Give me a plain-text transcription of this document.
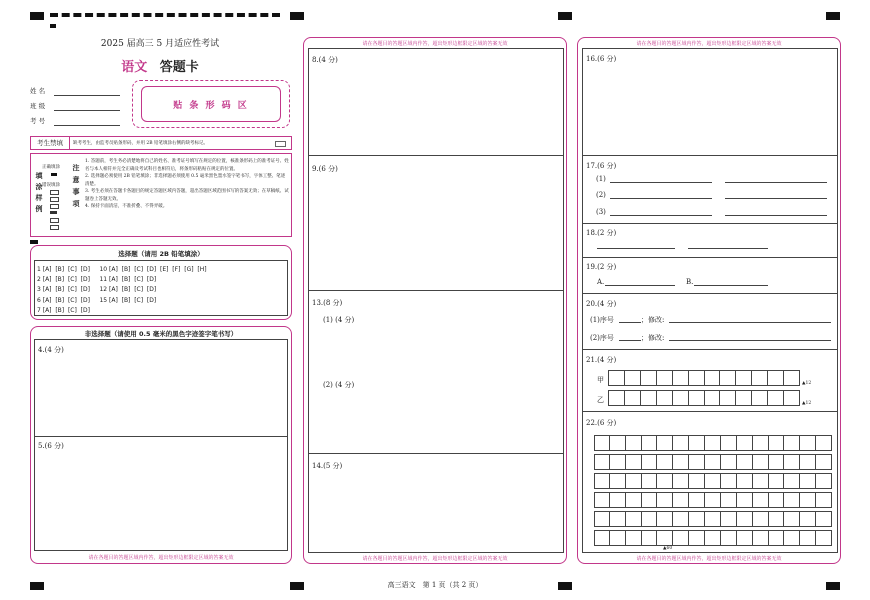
2025 届高三 5 月适应性考试
语文 答题卡
姓 名
班 级
考 号
贴 条 形 码 区
考生禁填	缺考考生，由监考员贴条形码，并用 2B 铅笔填涂右侧的缺考标记。
填涂样例
正确填涂
错误填涂 注意事项
1. 答题前，考生务必清楚地将自己的姓名、准考证号填写在规定的位置，核准条形码上的准考证号、姓名与本人相符并完全正确及考试科目也相符后，将条形码粘贴在规定的位置。
2. 选择题必须使用 2B 铅笔填涂；非选择题必须使用 0.5 毫米黑色墨水签字笔书写，字体工整、笔迹清楚。
3. 考生必须在答题卡各题目的规定答题区域内答题，超出答题区域范围书写的答案无效；在草稿纸、试题卷上答题无效。
4. 保持卡面清洁，不准折叠、不得弄破。
选择题（请用 2B 铅笔填涂）
1 [A]  [B]  [C]  [D]     10 [A]  [B]  [C]  [D]  [E]  [F]  [G]  [H]
2 [A]  [B]  [C]  [D]     11 [A]  [B]  [C]  [D]
3 [A]  [B]  [C]  [D]     12 [A]  [B]  [C]  [D]
6 [A]  [B]  [C]  [D]     15 [A]  [B]  [C]  [D]
7 [A]  [B]  [C]  [D]
非选择题（请使用 0.5 毫米的黑色字迹签字笔书写）
4.(4 分)
5.(6 分)
请在各题目的答题区域内作答，超出矩形边框限定区域的答案无效
请在各题目的答题区域内作答，超出矩形边框限定区域的答案无效
8.(4 分)
9.(6 分)
13.(8 分)
(1) (4 分)
(2) (4 分)
14.(5 分)
请在各题目的答题区域内作答，超出矩形边框限定区域的答案无效
请在各题目的答题区域内作答，超出矩形边框限定区域的答案无效
16.(6 分)
17.(6 分)
(1)
(2)
(3)
18.(2 分)
19.(2 分)
A.	B.
20.(4 分)
(1)序号	；修改:
(2)序号	；修改:
21.(4 分)
甲	▲12
乙	▲12
22.(6 分)
▲60
请在各题目的答题区域内作答，超出矩形边框限定区域的答案无效
高三语文　第 1 页（共 2 页）
